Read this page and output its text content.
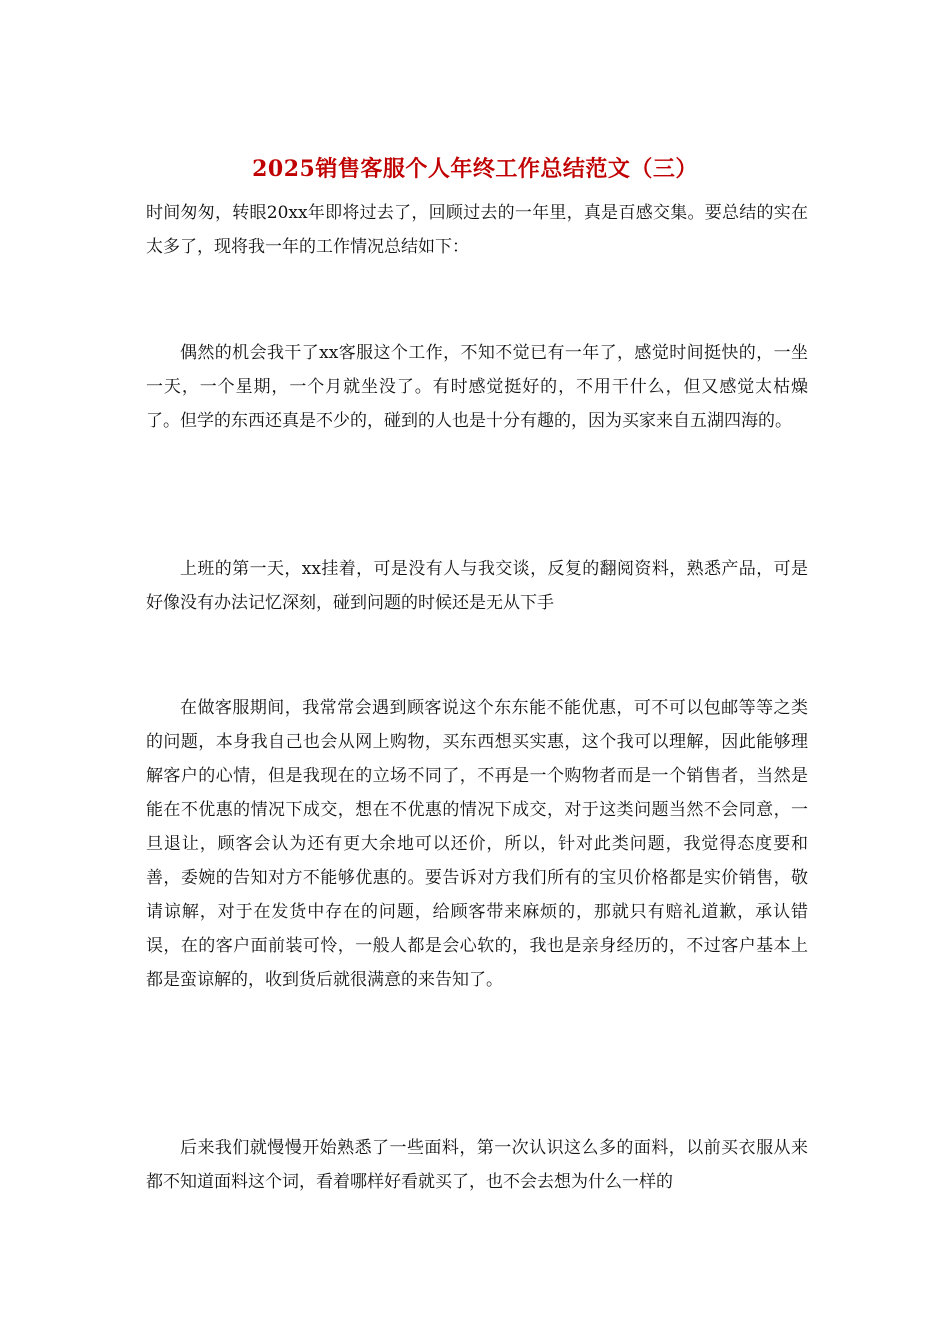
2025销售客服个人年终工作总结范文（三）

时间匆匆，转眼20xx年即将过去了，回顾过去的一年里，真是百感交集。要总结的实在太多了，现将我一年的工作情况总结如下：

偶然的机会我干了xx客服这个工作，不知不觉已有一年了，感觉时间挺快的，一坐一天，一个星期，一个月就坐没了。有时感觉挺好的，不用干什么，但又感觉太枯燥了。但学的东西还真是不少的，碰到的人也是十分有趣的，因为买家来自五湖四海的。

上班的第一天，xx挂着，可是没有人与我交谈，反复的翻阅资料，熟悉产品，可是好像没有办法记忆深刻，碰到问题的时候还是无从下手

在做客服期间，我常常会遇到顾客说这个东东能不能优惠，可不可以包邮等等之类的问题，本身我自己也会从网上购物，买东西想买实惠，这个我可以理解，因此能够理解客户的心情，但是我现在的立场不同了，不再是一个购物者而是一个销售者，当然是能在不优惠的情况下成交，想在不优惠的情况下成交，对于这类问题当然不会同意，一旦退让，顾客会认为还有更大余地可以还价，所以，针对此类问题，我觉得态度要和善，委婉的告知对方不能够优惠的。要告诉对方我们所有的宝贝价格都是实价销售，敬请谅解，对于在发货中存在的问题，给顾客带来麻烦的，那就只有赔礼道歉，承认错误，在的客户面前装可怜，一般人都是会心软的，我也是亲身经历的，不过客户基本上都是蛮谅解的，收到货后就很满意的来告知了。

后来我们就慢慢开始熟悉了一些面料，第一次认识这么多的面料，以前买衣服从来都不知道面料这个词，看着哪样好看就买了，也不会去想为什么一样的
